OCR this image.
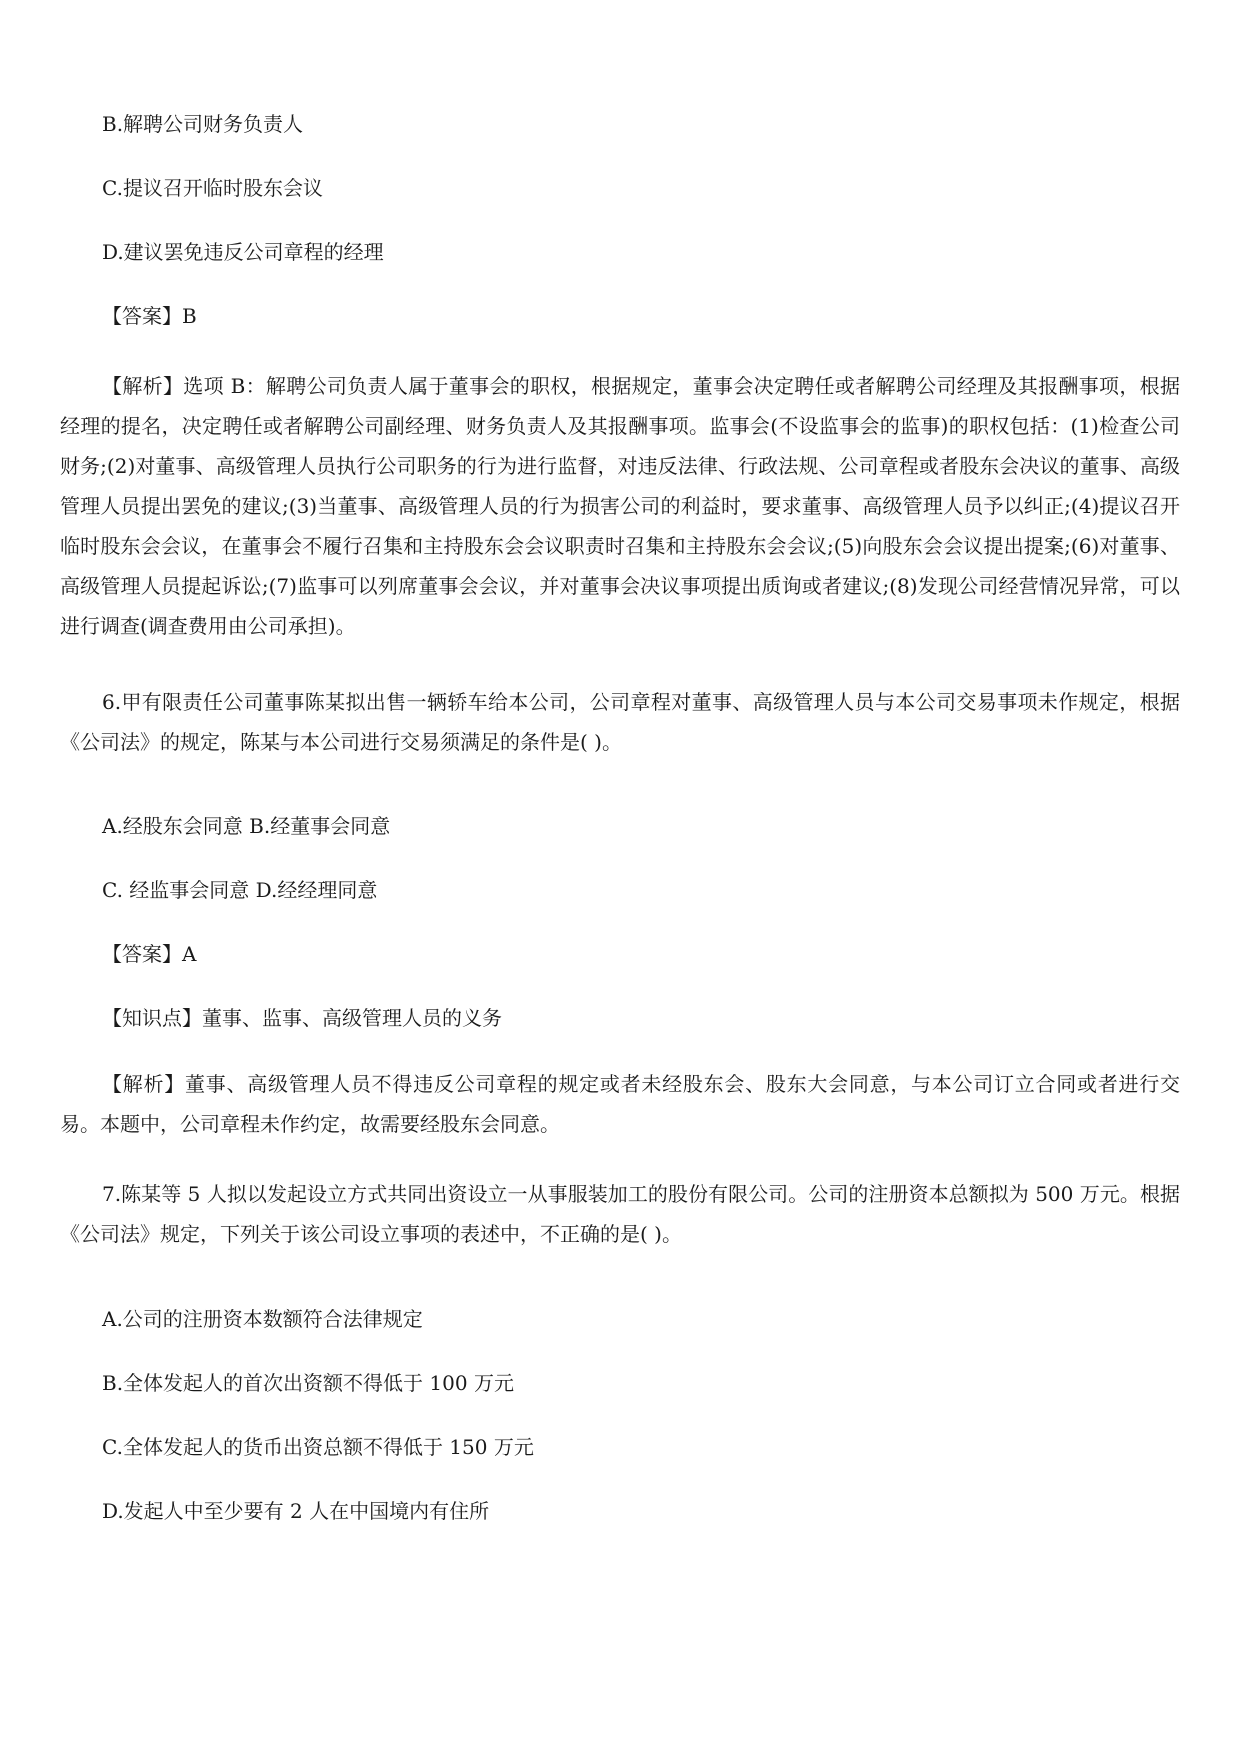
B.解聘公司财务负责人
C.提议召开临时股东会议
D.建议罢免违反公司章程的经理
【答案】B
【解析】选项 B：解聘公司负责人属于董事会的职权，根据规定，董事会决定聘任或者解聘公司经理及其报酬事项，根据经理的提名，决定聘任或者解聘公司副经理、财务负责人及其报酬事项。监事会(不设监事会的监事)的职权包括：(1)检查公司财务;(2)对董事、高级管理人员执行公司职务的行为进行监督，对违反法律、行政法规、公司章程或者股东会决议的董事、高级管理人员提出罢免的建议;(3)当董事、高级管理人员的行为损害公司的利益时，要求董事、高级管理人员予以纠正;(4)提议召开临时股东会会议，在董事会不履行召集和主持股东会会议职责时召集和主持股东会会议;(5)向股东会会议提出提案;(6)对董事、高级管理人员提起诉讼;(7)监事可以列席董事会会议，并对董事会决议事项提出质询或者建议;(8)发现公司经营情况异常，可以进行调查(调查费用由公司承担)。
6.甲有限责任公司董事陈某拟出售一辆轿车给本公司，公司章程对董事、高级管理人员与本公司交易事项未作规定，根据《公司法》的规定，陈某与本公司进行交易须满足的条件是( )。
A.经股东会同意 B.经董事会同意
C. 经监事会同意 D.经经理同意
【答案】A
【知识点】董事、监事、高级管理人员的义务
【解析】董事、高级管理人员不得违反公司章程的规定或者未经股东会、股东大会同意，与本公司订立合同或者进行交易。本题中，公司章程未作约定，故需要经股东会同意。
7.陈某等 5 人拟以发起设立方式共同出资设立一从事服装加工的股份有限公司。公司的注册资本总额拟为 500 万元。根据《公司法》规定，下列关于该公司设立事项的表述中，不正确的是( )。
A.公司的注册资本数额符合法律规定
B.全体发起人的首次出资额不得低于 100 万元
C.全体发起人的货币出资总额不得低于 150 万元
D.发起人中至少要有 2 人在中国境内有住所
